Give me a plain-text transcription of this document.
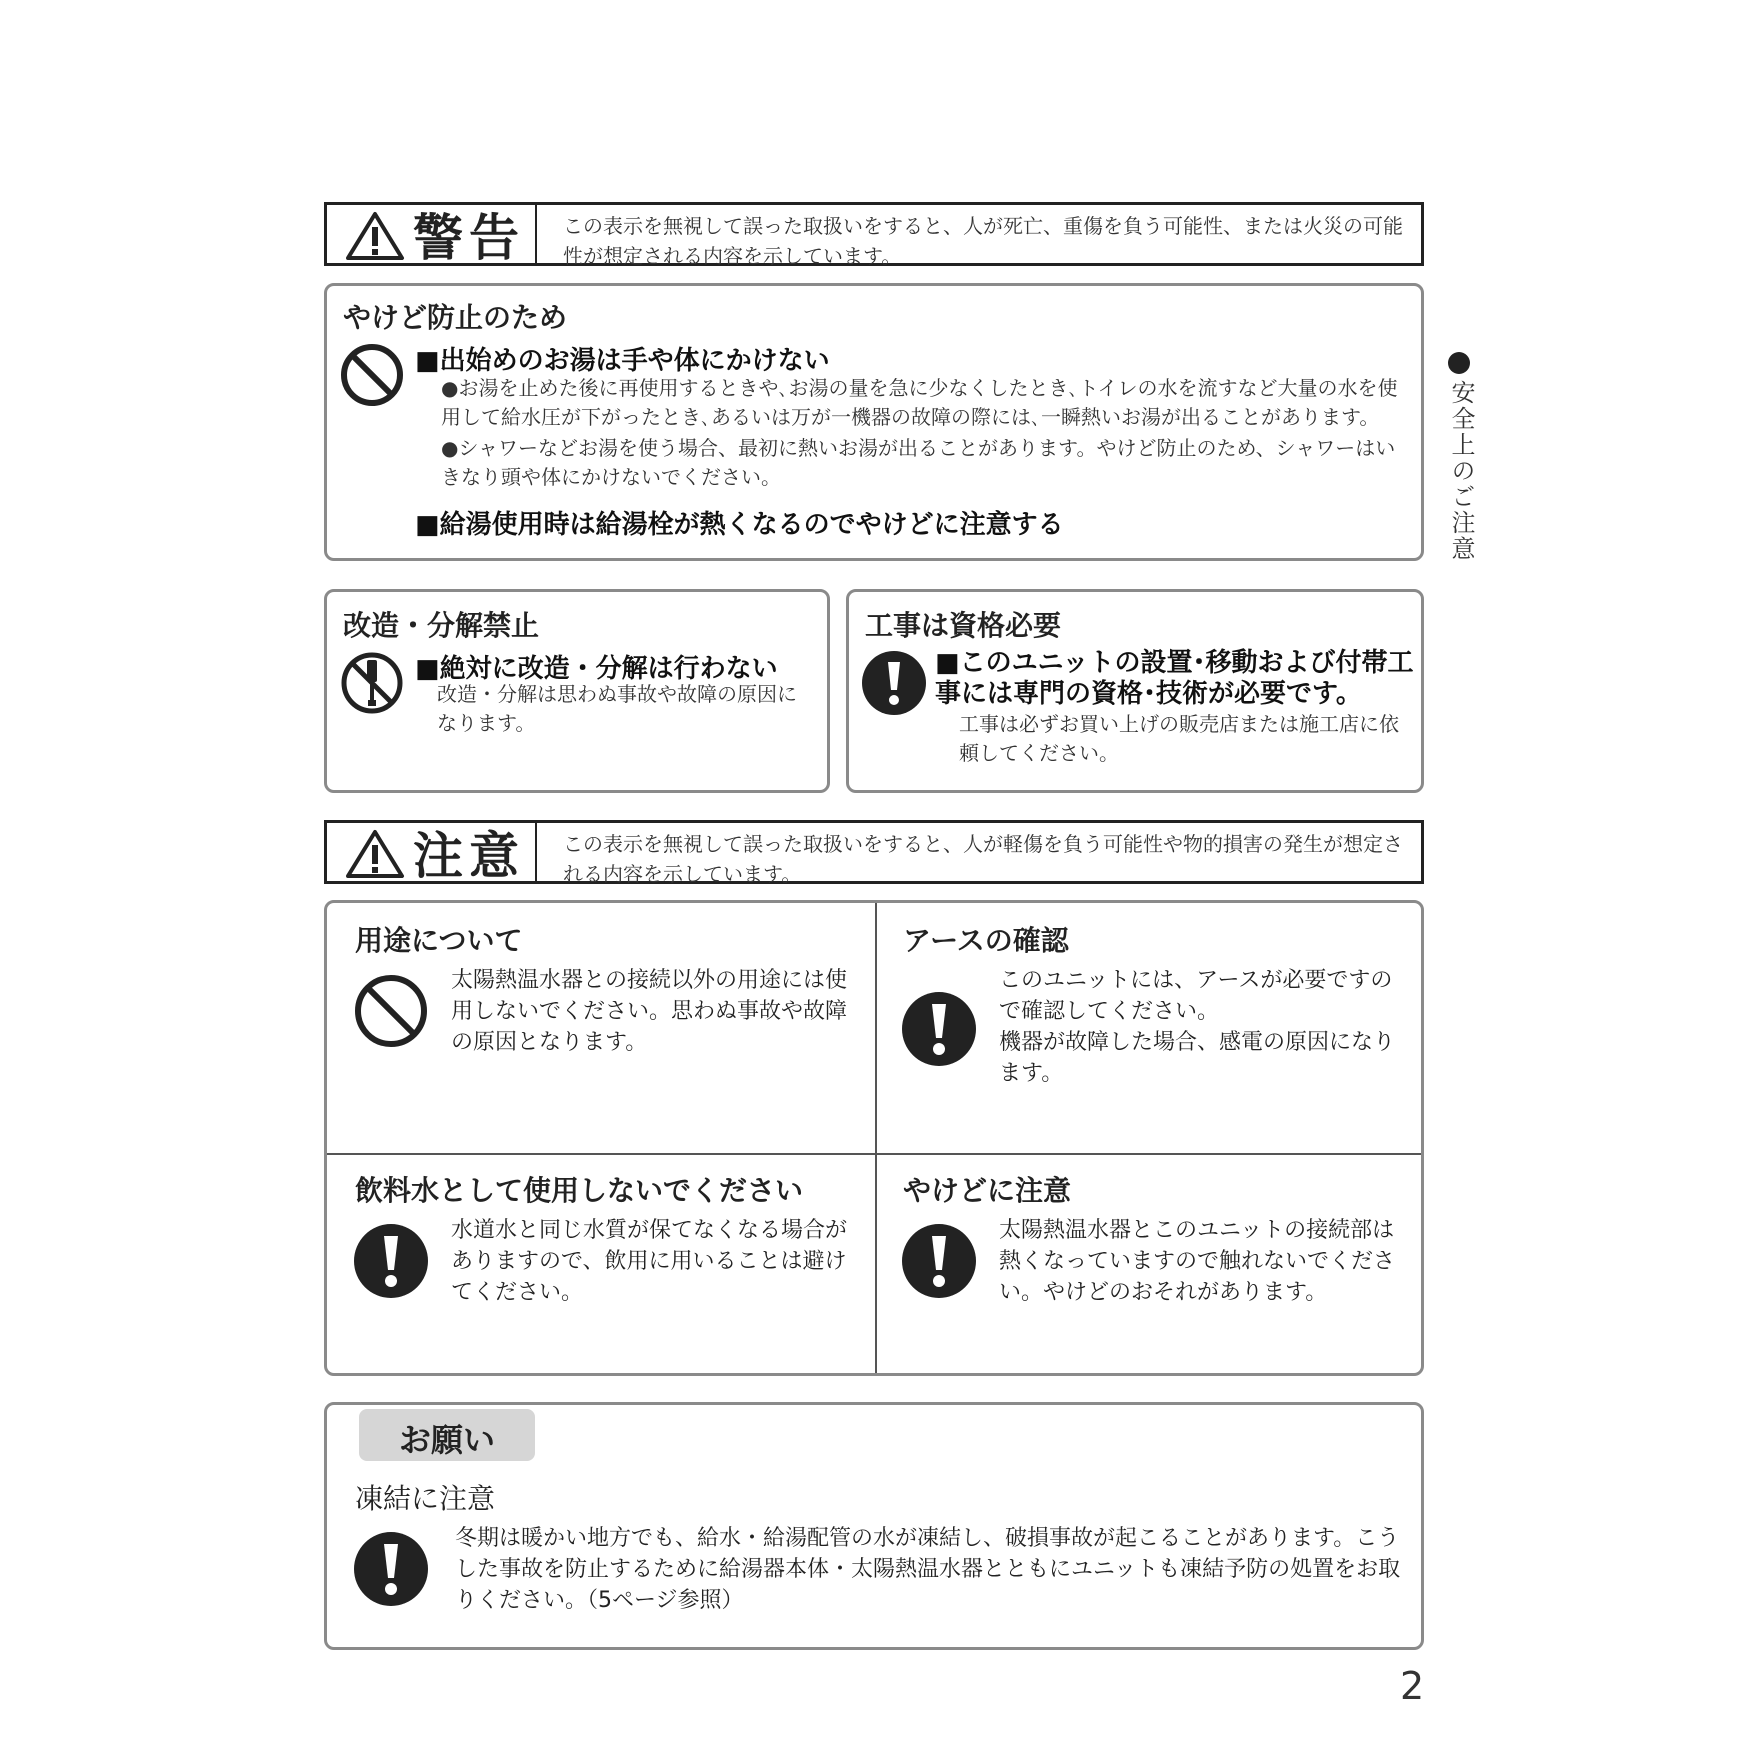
警告 この表示を無視して誤った取扱いをすると、人が死亡、重傷を負う可能性、または火災の可能性が想定される内容を示しています。
やけど防止のため
■出始めのお湯は手や体にかけない
●お湯を止めた後に再使用するときや､お湯の量を急に少なくしたとき､トイレの水を流すなど大量の水を使用して給水圧が下がったとき､あるいは万が一機器の故障の際には､一瞬熱いお湯が出ることがあります。
●シャワーなどお湯を使う場合、最初に熱いお湯が出ることがあります。やけど防止のため、シャワーはいきなり頭や体にかけないでください。
■給湯使用時は給湯栓が熱くなるのでやけどに注意する
改造・分解禁止
■絶対に改造・分解は行わない
改造・分解は思わぬ事故や故障の原因になります。
工事は資格必要
■このユニットの設置･移動および付帯工事には専門の資格･技術が必要です。
工事は必ずお買い上げの販売店または施工店に依頼してください。
注意 この表示を無視して誤った取扱いをすると、人が軽傷を負う可能性や物的損害の発生が想定される内容を示しています。
用途について
太陽熱温水器との接続以外の用途には使用しないでください。思わぬ事故や故障の原因となります。
アースの確認
このユニットには、アースが必要ですので確認してください。
機器が故障した場合、感電の原因になります。
飲料水として使用しないでください
水道水と同じ水質が保てなくなる場合がありますので、飲用に用いることは避けてください。
やけどに注意
太陽熱温水器とこのユニットの接続部は熱くなっていますので触れないでください。やけどのおそれがあります。
お願い
凍結に注意
冬期は暖かい地方でも、給水・給湯配管の水が凍結し、破損事故が起こることがあります。こうした事故を防止するために給湯器本体・太陽熱温水器とともにユニットも凍結予防の処置をお取りください。（5ページ参照）
安全上のご注意
2
